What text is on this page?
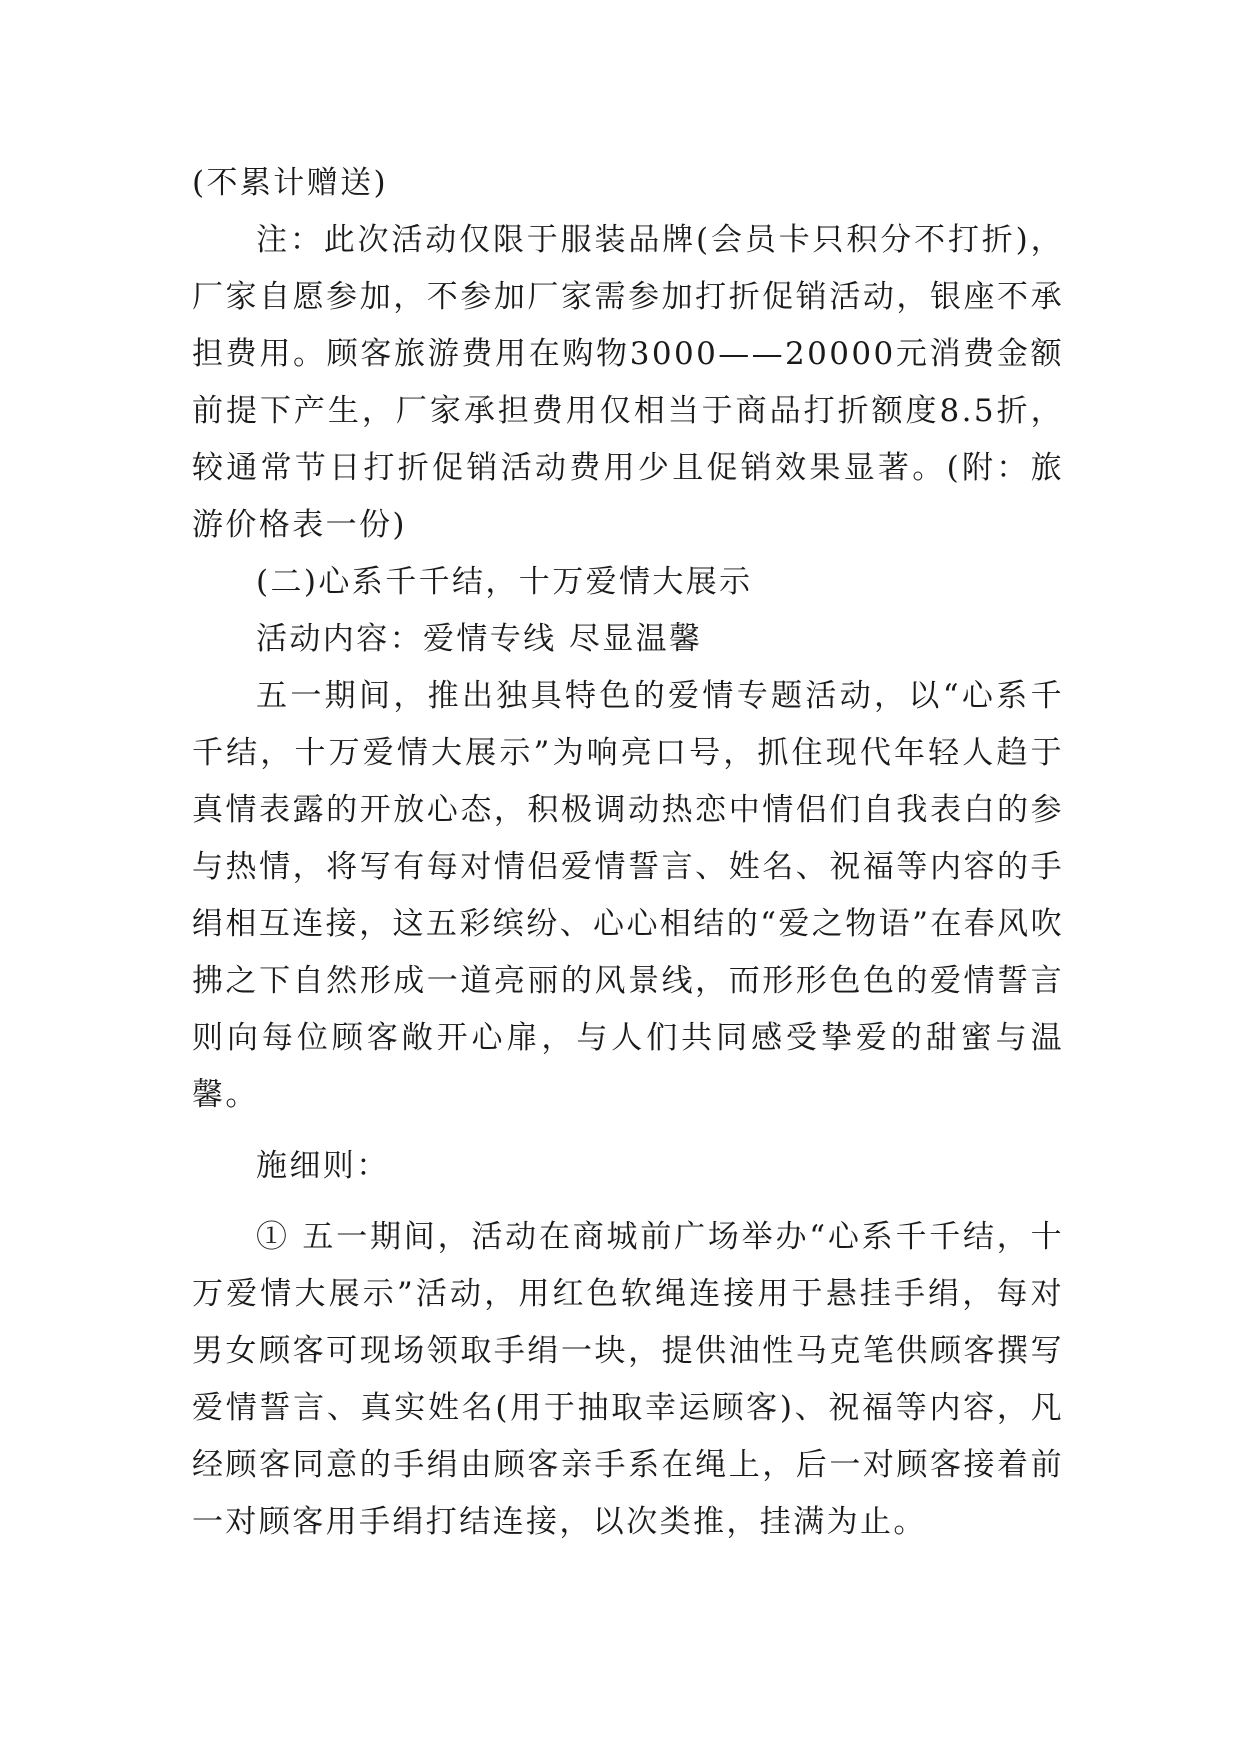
(不累计赠送)

注：此次活动仅限于服装品牌(会员卡只积分不打折)，厂家自愿参加，不参加厂家需参加打折促销活动，银座不承担费用。顾客旅游费用在购物3000——20000元消费金额前提下产生，厂家承担费用仅相当于商品打折额度8.5折，较通常节日打折促销活动费用少且促销效果显著。(附：旅游价格表一份)

(二)心系千千结，十万爱情大展示

活动内容：爱情专线 尽显温馨

五一期间，推出独具特色的爱情专题活动，以“心系千千结，十万爱情大展示”为响亮口号，抓住现代年轻人趋于真情表露的开放心态，积极调动热恋中情侣们自我表白的参与热情，将写有每对情侣爱情誓言、姓名、祝福等内容的手绢相互连接，这五彩缤纷、心心相结的“爱之物语”在春风吹拂之下自然形成一道亮丽的风景线，而形形色色的爱情誓言则向每位顾客敞开心扉，与人们共同感受挚爱的甜蜜与温馨。

施细则：

① 五一期间，活动在商城前广场举办“心系千千结，十万爱情大展示”活动，用红色软绳连接用于悬挂手绢，每对男女顾客可现场领取手绢一块，提供油性马克笔供顾客撰写爱情誓言、真实姓名(用于抽取幸运顾客)、祝福等内容，凡经顾客同意的手绢由顾客亲手系在绳上，后一对顾客接着前一对顾客用手绢打结连接，以次类推，挂满为止。
